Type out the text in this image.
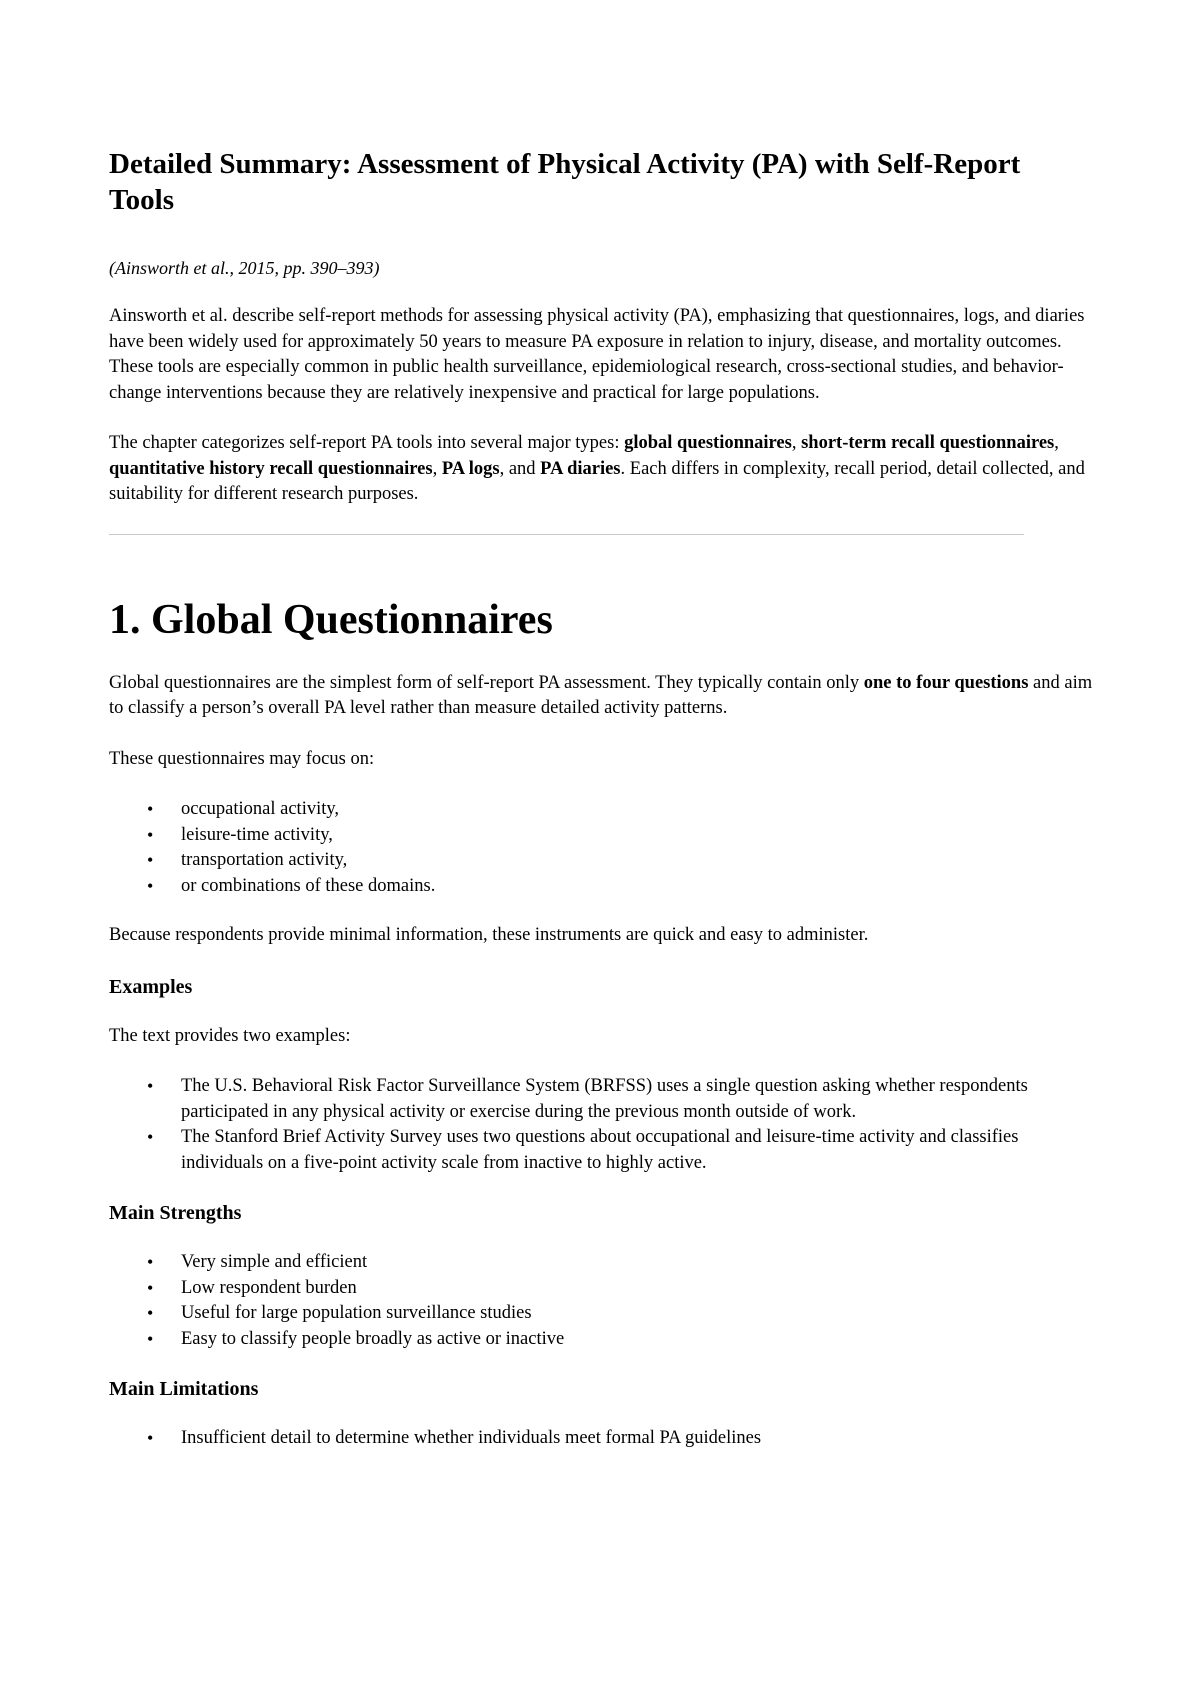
Detailed Summary: Assessment of Physical Activity (PA) with Self-Report Tools
(Ainsworth et al., 2015, pp. 390–393)

Ainsworth et al. describe self-report methods for assessing physical activity (PA), emphasizing that questionnaires, logs, and diaries have been widely used for approximately 50 years to measure PA exposure in relation to injury, disease, and mortality outcomes. These tools are especially common in public health surveillance, epidemiological research, cross-sectional studies, and behavior-change interventions because they are relatively inexpensive and practical for large populations.

The chapter categorizes self-report PA tools into several major types: global questionnaires, short-term recall questionnaires, quantitative history recall questionnaires, PA logs, and PA diaries. Each differs in complexity, recall period, detail collected, and suitability for different research purposes.

1. Global Questionnaires

Global questionnaires are the simplest form of self-report PA assessment. They typically contain only one to four questions and aim to classify a person’s overall PA level rather than measure detailed activity patterns.

These questionnaires may focus on:

• occupational activity,
• leisure-time activity,
• transportation activity,
• or combinations of these domains.

Because respondents provide minimal information, these instruments are quick and easy to administer.

Examples

The text provides two examples:

• The U.S. Behavioral Risk Factor Surveillance System (BRFSS) uses a single question asking whether respondents participated in any physical activity or exercise during the previous month outside of work.
• The Stanford Brief Activity Survey uses two questions about occupational and leisure-time activity and classifies individuals on a five-point activity scale from inactive to highly active.
Main Strengths
• Very simple and efficient
• Low respondent burden
• Useful for large population surveillance studies
• Easy to classify people broadly as active or inactive
Main Limitations
• Insufficient detail to determine whether individuals meet formal PA guidelines
